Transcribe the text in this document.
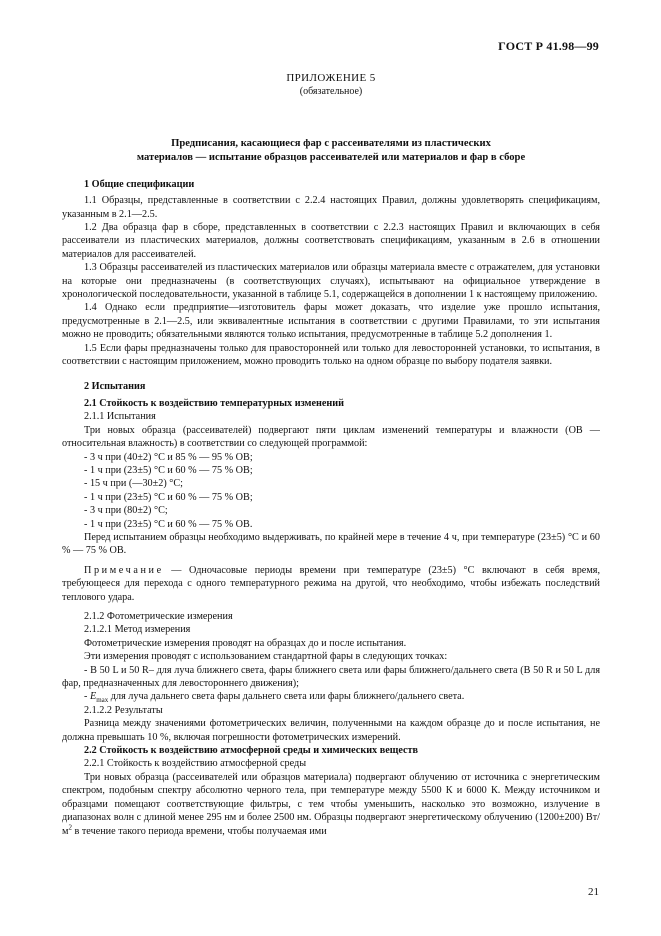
ГОСТ Р 41.98—99
ПРИЛОЖЕНИЕ 5
(обязательное)
Предписания, касающиеся фар с рассеивателями из пластических
материалов — испытание образцов рассеивателей или материалов и фар в сборе
1 Общие спецификации

1.1 Образцы, представленные в соответствии с 2.2.4 настоящих Правил, должны удовлетворять спецификациям, указанным в 2.1—2.5.

1.2 Два образца фар в сборе, представленных в соответствии с 2.2.3 настоящих Правил и включающих в себя рассеиватели из пластических материалов, должны соответствовать спецификациям, указанным в 2.6 в отношении материалов для рассеивателей.

1.3 Образцы рассеивателей из пластических материалов или образцы материала вместе с отражателем, для установки на которые они предназначены (в соответствующих случаях), испытывают на официальное утверждение в хронологической последовательности, указанной в таблице 5.1, содержащейся в дополнении 1 к настоящему приложению.

1.4 Однако если предприятие—изготовитель фары может доказать, что изделие уже прошло испытания, предусмотренные в 2.1—2.5, или эквивалентные испытания в соответствии с другими Правилами, то эти испытания можно не проводить; обязательными являются только испытания, предусмотренные в таблице 5.2 дополнения 1.

1.5 Если фары предназначены только для правосторонней или только для левосторонней установки, то испытания, в соответствии с настоящим приложением, можно проводить только на одном образце по выбору подателя заявки.

2 Испытания
2.1 Стойкость к воздействию температурных изменений

2.1.1 Испытания

Три новых образца (рассеивателей) подвергают пяти циклам изменений температуры и влажности (ОВ — относительная влажность) в соответствии со следующей программой:

- 3 ч при (40±2) °С и 85 % — 95 % ОВ;
- 1 ч при (23±5) °С и 60 % — 75 % ОВ;
- 15 ч при (—30±2) °С;
- 1 ч при (23±5) °С и 60 % — 75 % ОВ;
- 3 ч при (80±2) °С;
- 1 ч при (23±5) °С и 60 % — 75 % ОВ.

Перед испытанием образцы необходимо выдерживать, по крайней мере в течение 4 ч, при температуре (23±5) °С и 60 % — 75 % ОВ.

Примечание — Одночасовые периоды времени при температуре (23±5) °С включают в себя время, требующееся для перехода с одного температурного режима на другой, что необходимо, чтобы избежать последствий теплового удара.

2.1.2 Фотометрические измерения

2.1.2.1 Метод измерения

Фотометрические измерения проводят на образцах до и после испытания.

Эти измерения проводят с использованием стандартной фары в следующих точках:

- В 50 L и 50 R– для луча ближнего света, фары ближнего света или фары ближнего/дальнего света (В 50 R и 50 L для фар, предназначенных для левостороннего движения);

- $E_{max}$ для луча дальнего света фары дальнего света или фары ближнего/дальнего света.

2.1.2.2 Результаты

Разница между значениями фотометрических величин, полученными на каждом образце до и после испытания, не должна превышать 10 %, включая погрешности фотометрических измерений.

2.2 Стойкость к воздействию атмосферной среды и химических веществ

2.2.1 Стойкость к воздействию атмосферной среды

Три новых образца (рассеивателей или образцов материала) подвергают облучению от источника с энергетическим спектром, подобным спектру абсолютно черного тела, при температуре между 5500 К и 6000 К. Между источником и образцами помещают соответствующие фильтры, с тем чтобы уменьшить, насколько это возможно, излучение в диапазонах волн с длиной менее 295 нм и более 2500 нм. Образцы подвергают энергетическому облучению (1200±200) $Вт/м^2$ в течение такого периода времени, чтобы получаемая ими

21
